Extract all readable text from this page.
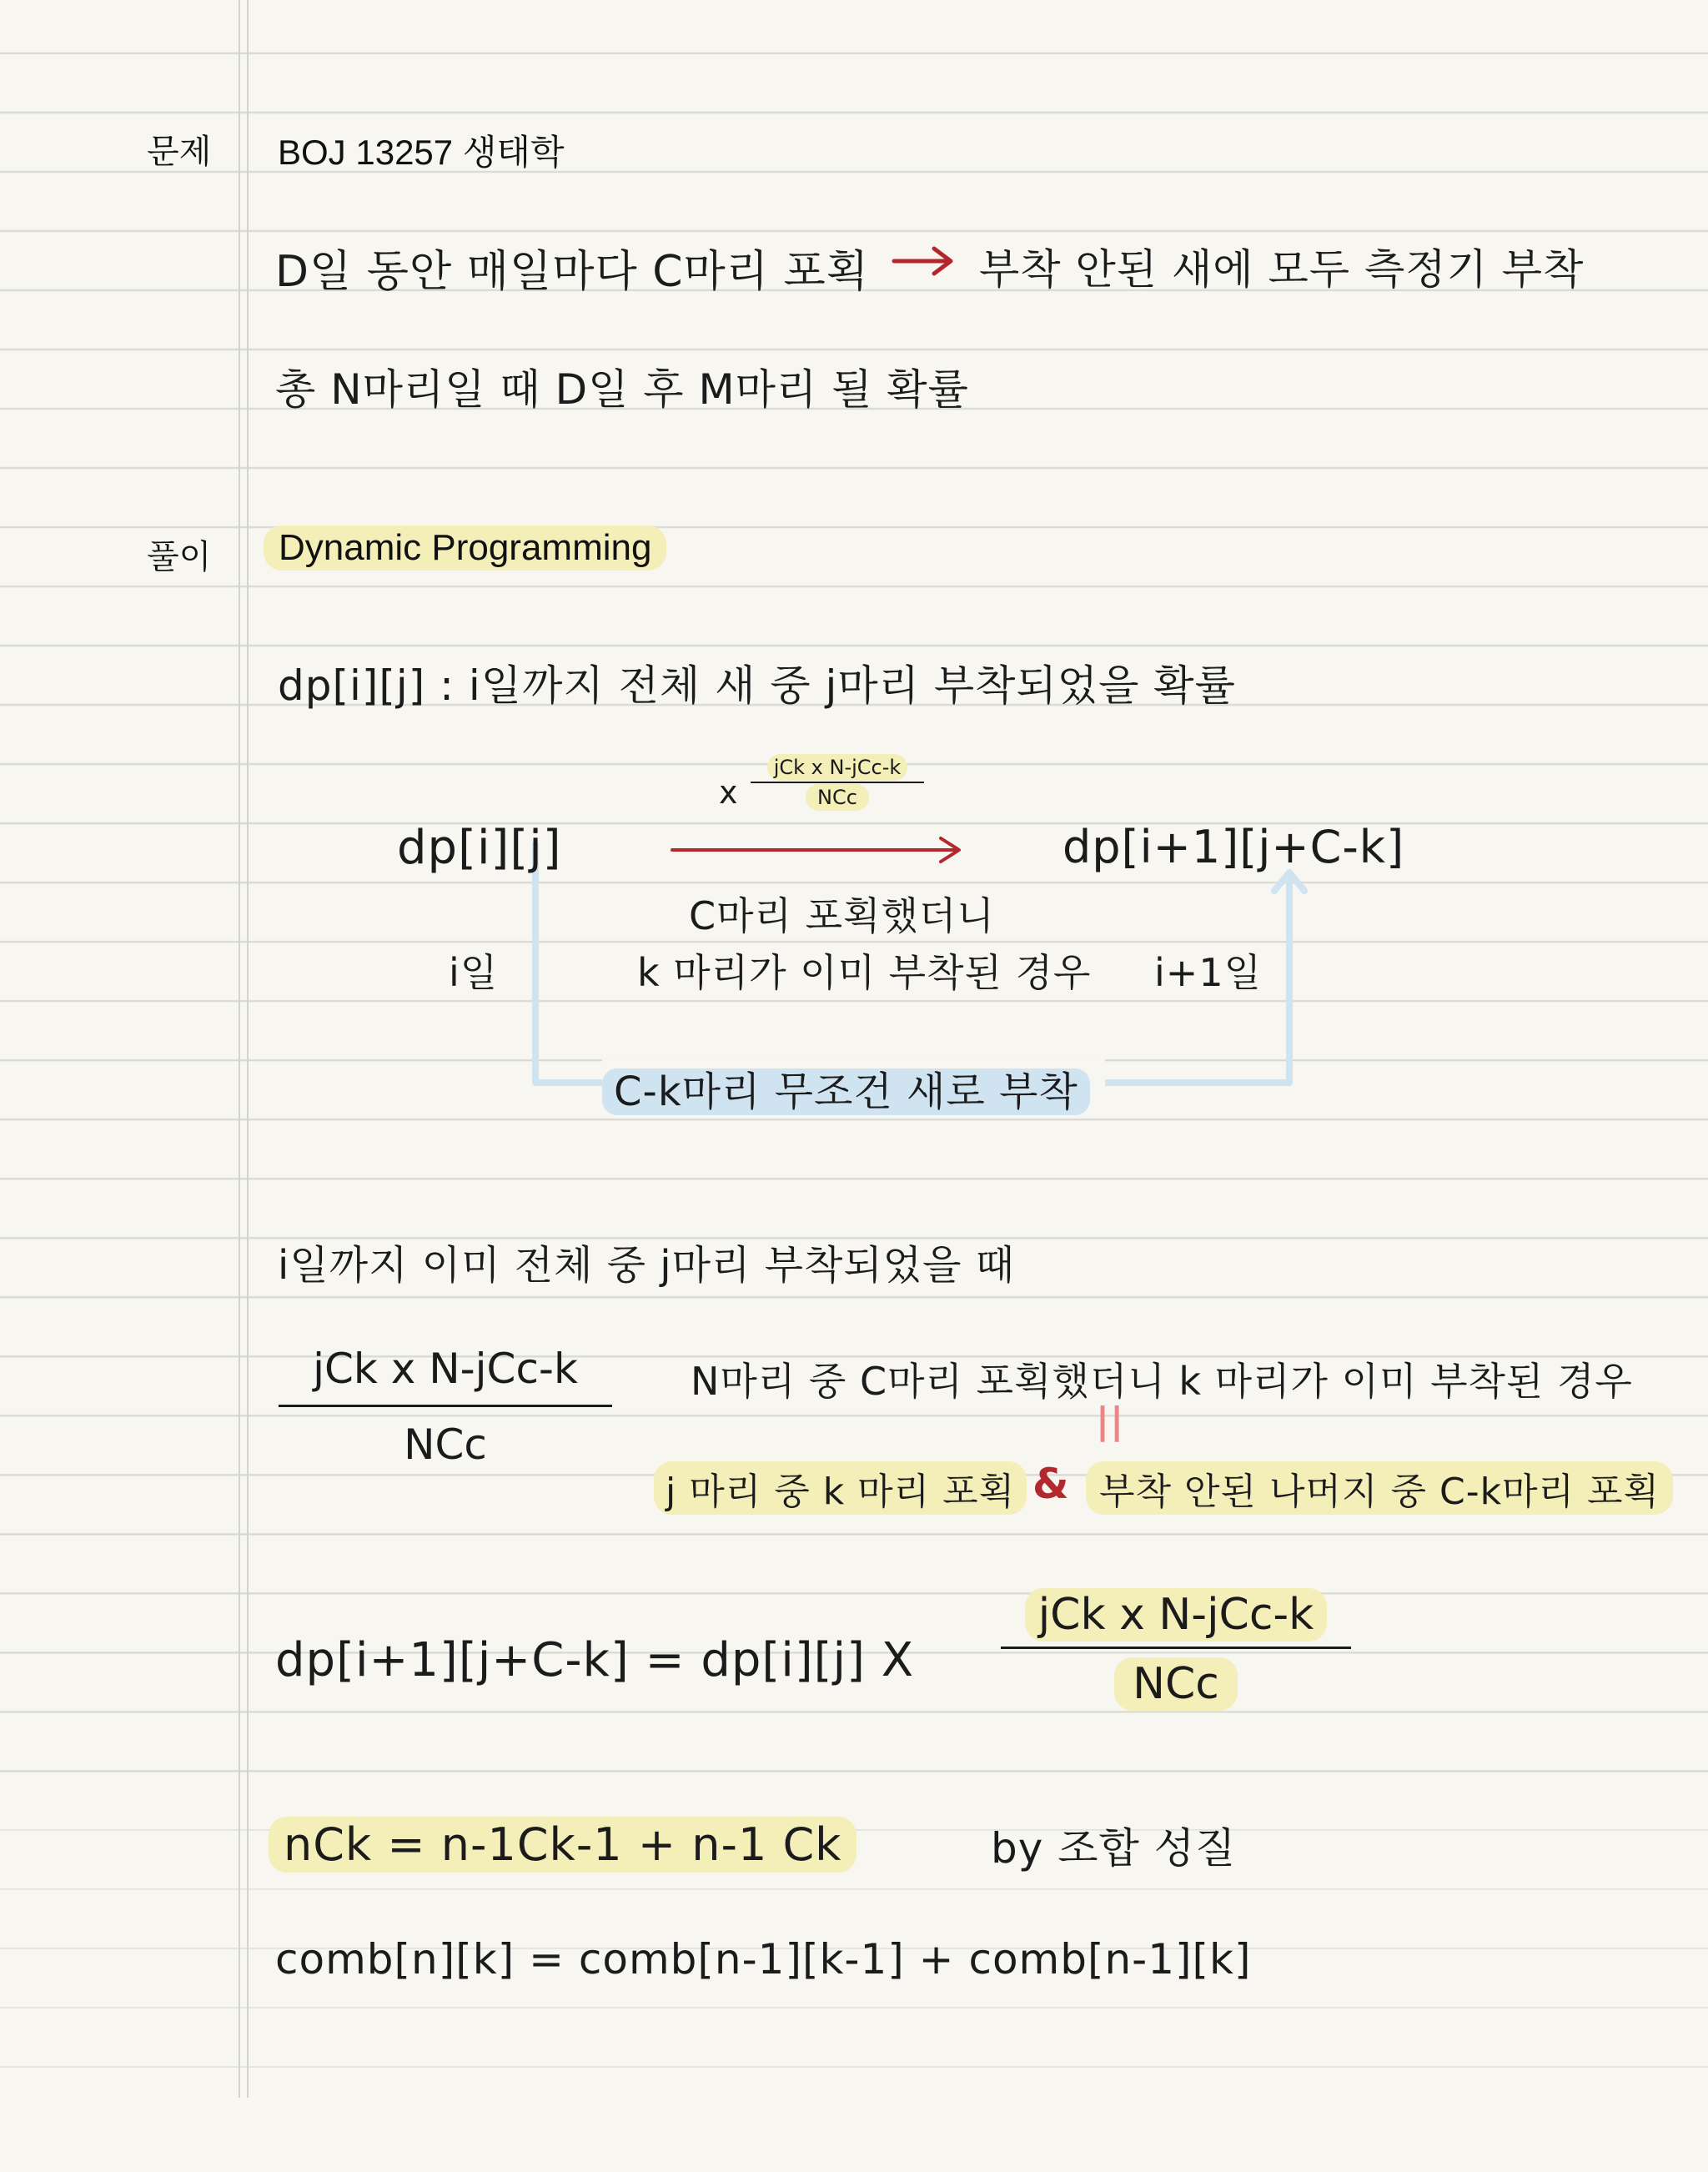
문제
풀이
BOJ 13257 생태학
D일 동안 매일마다 C마리 포획	부착 안된 새에 모두 측정기 부착
총 N마리일 때 D일 후 M마리 될 확률
Dynamic Programming
dp[i][j] : i일까지 전체 새 중 j마리 부착되었을 확률
x
jCk x N-jCc-k
NCc
dp[i][j]	dp[i+1][j+C-k]
C마리 포획했더니
k 마리가 이미 부착된 경우
i일	i+1일
C-k마리 무조건 새로 부착
i일까지 이미 전체 중 j마리 부착되었을 때
jCk x N-jCc-k
NCc
N마리 중 C마리 포획했더니 k 마리가 이미 부착된 경우
||
j 마리 중 k 마리 포획 & 부착 안된 나머지 중 C-k마리 포획
dp[i+1][j+C-k] = dp[i][j] X
jCk x N-jCc-k
NCc
nCk = n-1Ck-1 + n-1 Ck	by 조합 성질
comb[n][k] = comb[n-1][k-1] + comb[n-1][k]
